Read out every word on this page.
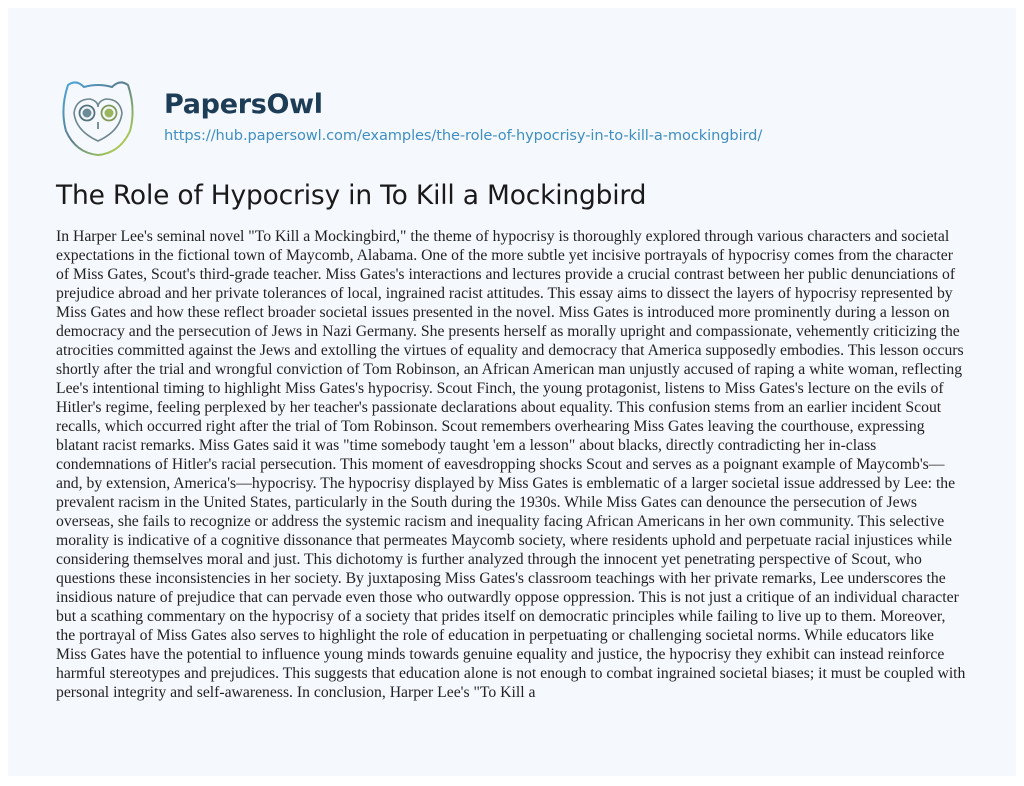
PapersOwl
https://hub.papersowl.com/examples/the-role-of-hypocrisy-in-to-kill-a-mockingbird/
The Role of Hypocrisy in To Kill a Mockingbird
In Harper Lee's seminal novel "To Kill a Mockingbird," the theme of hypocrisy is thoroughly explored through various characters and societal
expectations in the fictional town of Maycomb, Alabama. One of the more subtle yet incisive portrayals of hypocrisy comes from the character
of Miss Gates, Scout's third-grade teacher. Miss Gates's interactions and lectures provide a crucial contrast between her public denunciations of
prejudice abroad and her private tolerances of local, ingrained racist attitudes. This essay aims to dissect the layers of hypocrisy represented by
Miss Gates and how these reflect broader societal issues presented in the novel. Miss Gates is introduced more prominently during a lesson on
democracy and the persecution of Jews in Nazi Germany. She presents herself as morally upright and compassionate, vehemently criticizing the
atrocities committed against the Jews and extolling the virtues of equality and democracy that America supposedly embodies. This lesson occurs
shortly after the trial and wrongful conviction of Tom Robinson, an African American man unjustly accused of raping a white woman, reflecting
Lee's intentional timing to highlight Miss Gates's hypocrisy. Scout Finch, the young protagonist, listens to Miss Gates's lecture on the evils of
Hitler's regime, feeling perplexed by her teacher's passionate declarations about equality. This confusion stems from an earlier incident Scout
recalls, which occurred right after the trial of Tom Robinson. Scout remembers overhearing Miss Gates leaving the courthouse, expressing
blatant racist remarks. Miss Gates said it was "time somebody taught 'em a lesson" about blacks, directly contradicting her in-class
condemnations of Hitler's racial persecution. This moment of eavesdropping shocks Scout and serves as a poignant example of Maycomb's—
and, by extension, America's—hypocrisy. The hypocrisy displayed by Miss Gates is emblematic of a larger societal issue addressed by Lee: the
prevalent racism in the United States, particularly in the South during the 1930s. While Miss Gates can denounce the persecution of Jews
overseas, she fails to recognize or address the systemic racism and inequality facing African Americans in her own community. This selective
morality is indicative of a cognitive dissonance that permeates Maycomb society, where residents uphold and perpetuate racial injustices while
considering themselves moral and just. This dichotomy is further analyzed through the innocent yet penetrating perspective of Scout, who
questions these inconsistencies in her society. By juxtaposing Miss Gates's classroom teachings with her private remarks, Lee underscores the
insidious nature of prejudice that can pervade even those who outwardly oppose oppression. This is not just a critique of an individual character
but a scathing commentary on the hypocrisy of a society that prides itself on democratic principles while failing to live up to them. Moreover,
the portrayal of Miss Gates also serves to highlight the role of education in perpetuating or challenging societal norms. While educators like
Miss Gates have the potential to influence young minds towards genuine equality and justice, the hypocrisy they exhibit can instead reinforce
harmful stereotypes and prejudices. This suggests that education alone is not enough to combat ingrained societal biases; it must be coupled with
personal integrity and self-awareness. In conclusion, Harper Lee's "To Kill a
